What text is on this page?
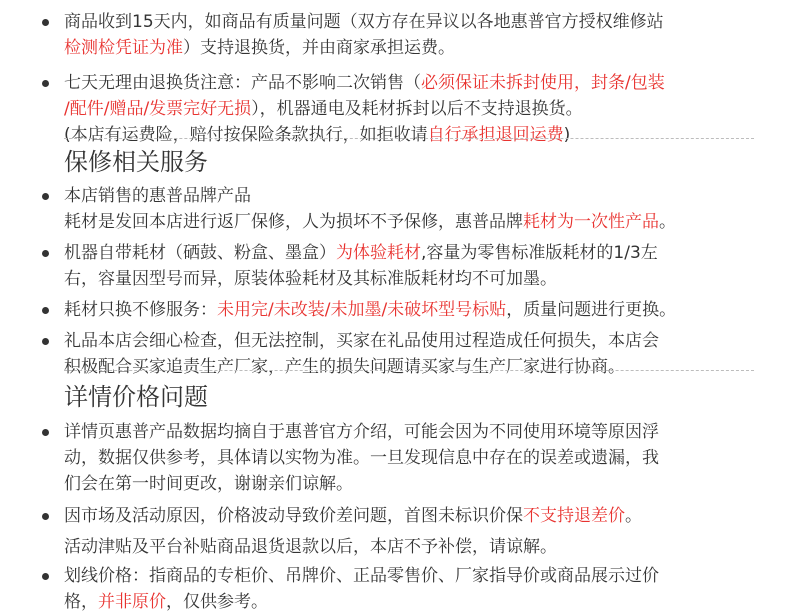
商品收到15天内，如商品有质量问题（双方存在异议以各地惠普官方授权维修站
检测检凭证为准）支持退换货，并由商家承担运费。
七天无理由退换货注意：产品不影响二次销售（必须保证未拆封使用，封条/包装
/配件/赠品/发票完好无损），机器通电及耗材拆封以后不支持退换货。
(本店有运费险，赔付按保险条款执行，如拒收请自行承担退回运费)
保修相关服务
本店销售的惠普品牌产品
耗材是发回本店进行返厂保修，人为损坏不予保修，惠普品牌耗材为一次性产品。
机器自带耗材（硒鼓、粉盒、墨盒）为体验耗材,容量为零售标准版耗材的1/3左
右，容量因型号而异，原装体验耗材及其标准版耗材均不可加墨。
耗材只换不修服务：未用完/未改装/未加墨/未破坏型号标贴，质量问题进行更换。
礼品本店会细心检查，但无法控制，买家在礼品使用过程造成任何损失，本店会
积极配合买家追责生产厂家，产生的损失问题请买家与生产厂家进行协商。
详情价格问题
详情页惠普产品数据均摘自于惠普官方介绍，可能会因为不同使用环境等原因浮
动，数据仅供参考，具体请以实物为准。一旦发现信息中存在的误差或遗漏，我
们会在第一时间更改，谢谢亲们谅解。
因市场及活动原因，价格波动导致价差问题，首图未标识价保不支持退差价。
活动津贴及平台补贴商品退货退款以后，本店不予补偿，请谅解。
划线价格：指商品的专柜价、吊牌价、正品零售价、厂家指导价或商品展示过价
格，并非原价，仅供参考。
